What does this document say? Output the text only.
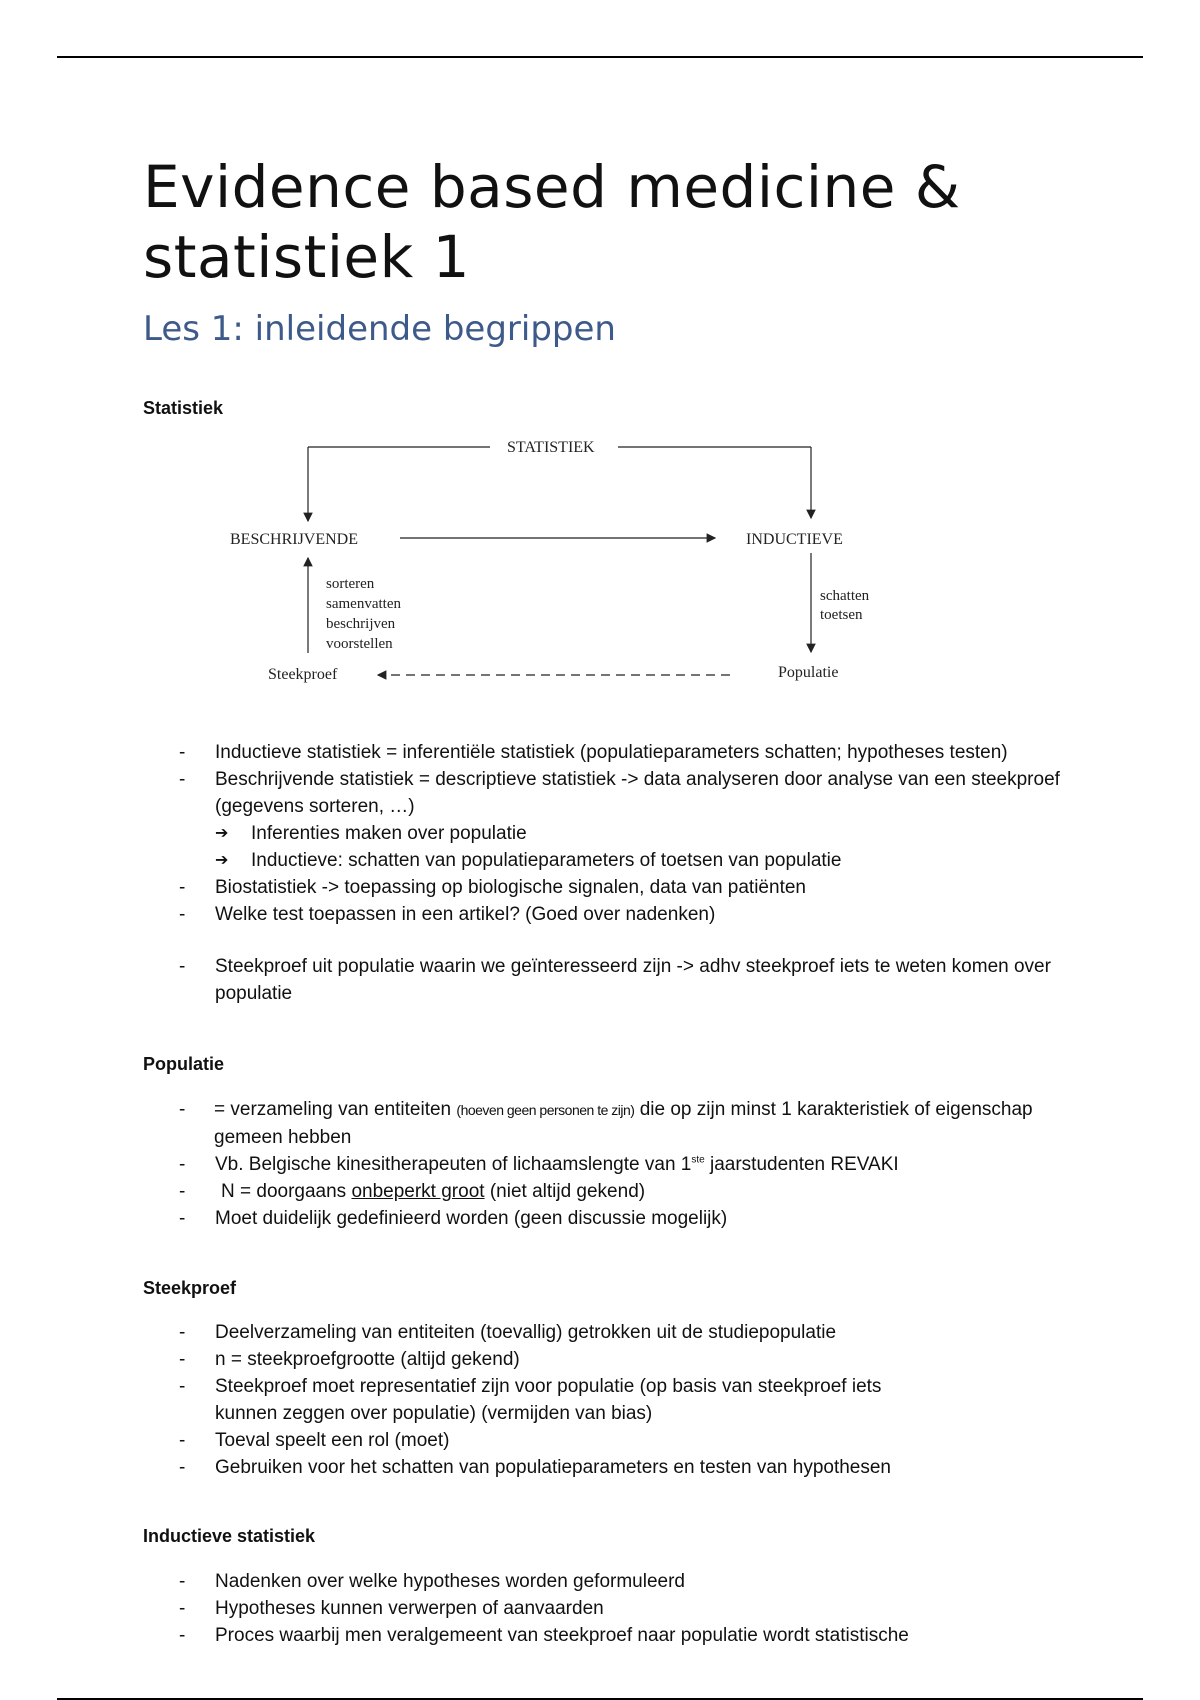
Evidence based medicine & statistiek 1
Les 1: inleidende begrippen
Statistiek
STATISTIEK
BESCHRIJVENDE	INDUCTIEVE
sorteren
samenvatten
beschrijven
voorstellen
schatten
toetsen
Steekproef	Populatie
- Inductieve statistiek = inferentiële statistiek (populatieparameters schatten; hypotheses testen)
- Beschrijvende statistiek = descriptieve statistiek -> data analyseren door analyse van een steekproef
(gegevens sorteren, …)
➔ Inferenties maken over populatie
➔ Inductieve: schatten van populatieparameters of toetsen van populatie
- Biostatistiek -> toepassing op biologische signalen, data van patiënten
- Welke test toepassen in een artikel? (Goed over nadenken)
- Steekproef uit populatie waarin we geïnteresseerd zijn -> adhv steekproef iets te weten komen over
populatie
Populatie
- = verzameling van entiteiten (hoeven geen personen te zijn) die op zijn minst 1 karakteristiek of eigenschap
gemeen hebben
- Vb. Belgische kinesitherapeuten of lichaamslengte van 1ste jaarstudenten REVAKI
- N = doorgaans onbeperkt groot (niet altijd gekend)
- Moet duidelijk gedefinieerd worden (geen discussie mogelijk)
Steekproef
- Deelverzameling van entiteiten (toevallig) getrokken uit de studiepopulatie
- n = steekproefgrootte (altijd gekend)
- Steekproef moet representatief zijn voor populatie (op basis van steekproef iets
kunnen zeggen over populatie) (vermijden van bias)
- Toeval speelt een rol (moet)
- Gebruiken voor het schatten van populatieparameters en testen van hypothesen
Inductieve statistiek
- Nadenken over welke hypotheses worden geformuleerd
- Hypotheses kunnen verwerpen of aanvaarden
- Proces waarbij men veralgemeent van steekproef naar populatie wordt statistische
